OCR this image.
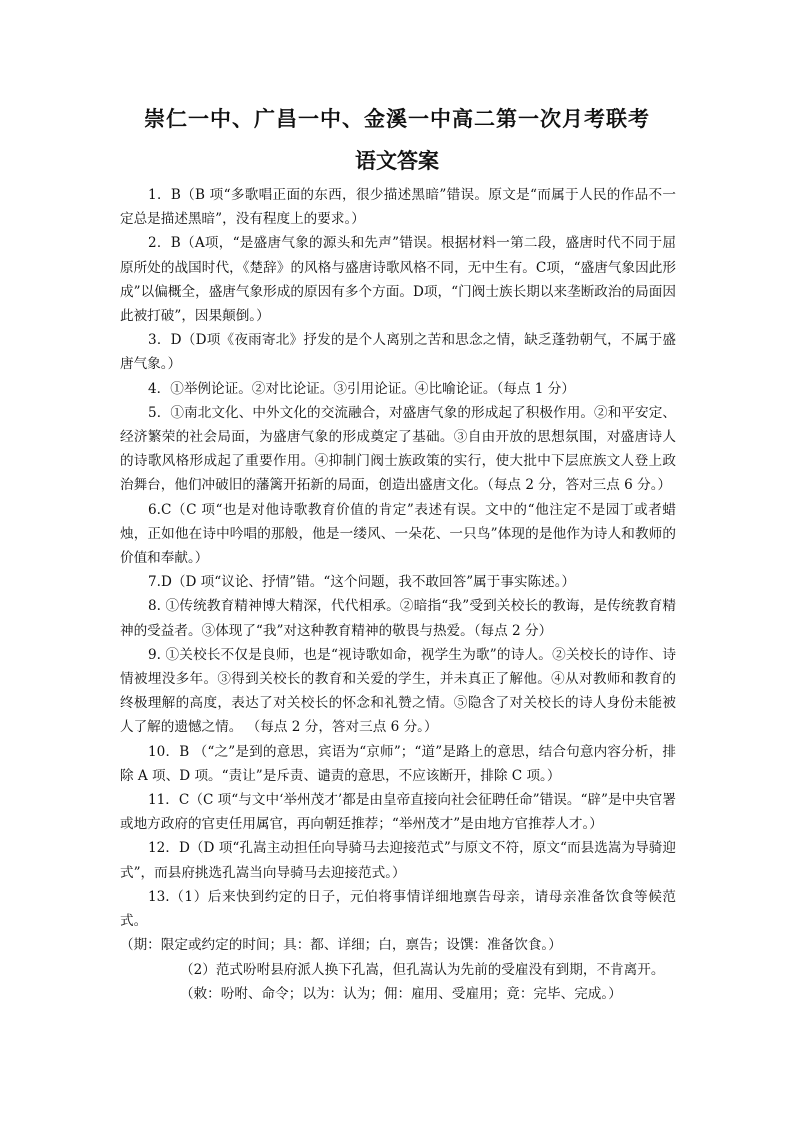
崇仁一中、广昌一中、金溪一中高二第一次月考联考
语文答案

1．B（B 项“多歌唱正面的东西，很少描述黑暗”错误。原文是“而属于人民的作品不一定总是描述黑暗”，没有程度上的要求。）

2．B（A项，“是盛唐气象的源头和先声”错误。根据材料一第二段，盛唐时代不同于屈原所处的战国时代，《楚辞》的风格与盛唐诗歌风格不同，无中生有。C项，“盛唐气象因此形成”以偏概全，盛唐气象形成的原因有多个方面。D项，“门阀士族长期以来垄断政治的局面因此被打破”，因果颠倒。）

3．D（D项《夜雨寄北》抒发的是个人离别之苦和思念之情，缺乏蓬勃朝气，不属于盛唐气象。）

4．①举例论证。②对比论证。③引用论证。④比喻论证。（每点 1 分）

5．①南北文化、中外文化的交流融合，对盛唐气象的形成起了积极作用。②和平安定、经济繁荣的社会局面，为盛唐气象的形成奠定了基础。③自由开放的思想氛围，对盛唐诗人的诗歌风格形成起了重要作用。④抑制门阀士族政策的实行，使大批中下层庶族文人登上政治舞台，他们冲破旧的藩篱开拓新的局面，创造出盛唐文化。（每点 2 分，答对三点 6 分。）

6.C（C 项“也是对他诗歌教育价值的肯定”表述有误。文中的“他注定不是园丁或者蜡烛，正如他在诗中吟唱的那般，他是一缕风、一朵花、一只鸟”体现的是他作为诗人和教师的价值和奉献。）

7.D（D 项“议论、抒情”错。“这个问题，我不敢回答”属于事实陈述。）

8. ①传统教育精神博大精深，代代相承。②暗指“我”受到关校长的教诲，是传统教育精神的受益者。③体现了“我”对这种教育精神的敬畏与热爱。（每点 2 分）

9. ①关校长不仅是良师，也是“视诗歌如命，视学生为歌”的诗人。②关校长的诗作、诗情被埋没多年。③得到关校长的教育和关爱的学生，并未真正了解他。④从对教师和教育的终极理解的高度，表达了对关校长的怀念和礼赞之情。⑤隐含了对关校长的诗人身份未能被人了解的遗憾之情。 （每点 2 分，答对三点 6 分。）

10．B （“之”是到的意思，宾语为“京师”；“道”是路上的意思，结合句意内容分析，排除 A 项、D 项。“责让”是斥责、谴责的意思，不应该断开，排除 C 项。）

11．C（C 项“与文中‘举州茂才’都是由皇帝直接向社会征聘任命”错误。“辟”是中央官署或地方政府的官吏任用属官，再向朝廷推荐；“举州茂才”是由地方官推荐人才。）

12．D（D 项“孔嵩主动担任向导骑马去迎接范式”与原文不符，原文“而县选嵩为导骑迎式”，而县府挑选孔嵩当向导骑马去迎接范式。）

13.（1）后来快到约定的日子，元伯将事情详细地禀告母亲，请母亲准备饮食等候范式。

（期：限定或约定的时间；具：都、详细；白，禀告；设馔：准备饮食。）

（2）范式吩咐县府派人换下孔嵩，但孔嵩认为先前的受雇没有到期，不肯离开。

（敕：吩咐、命令；以为：认为；佣：雇用、受雇用；竟：完毕、完成。）
